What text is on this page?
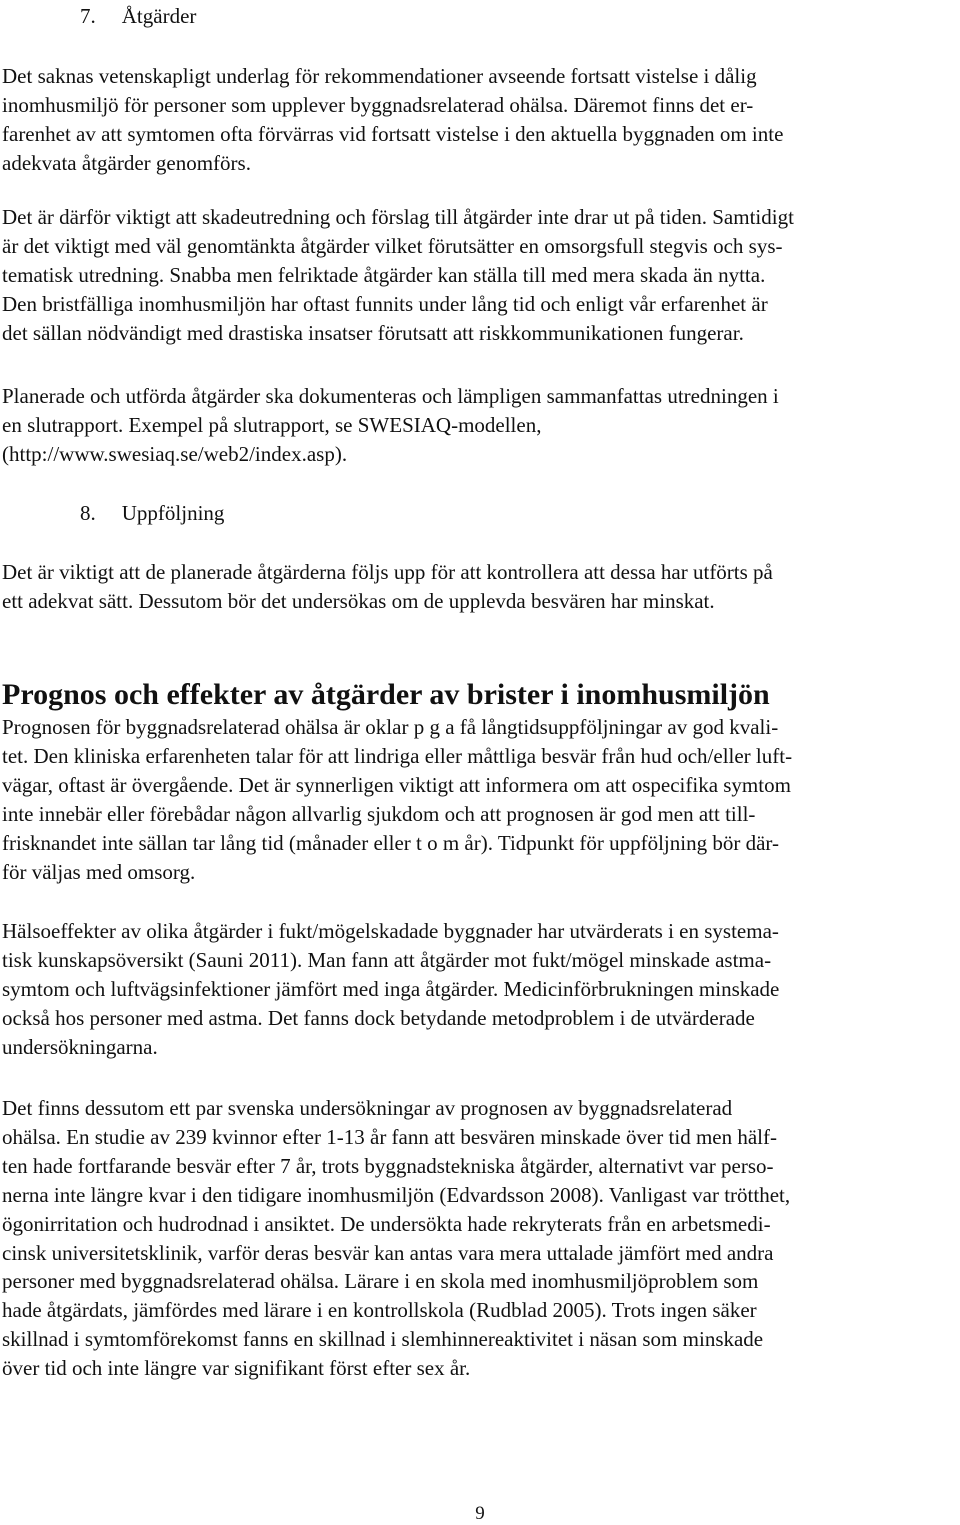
7. Åtgärder

Det saknas vetenskapligt underlag för rekommendationer avseende fortsatt vistelse i dålig
inomhusmiljö för personer som upplever byggnadsrelaterad ohälsa. Däremot finns det er-
farenhet av att symtomen ofta förvärras vid fortsatt vistelse i den aktuella byggnaden om inte
adekvata åtgärder genomförs.

Det är därför viktigt att skadeutredning och förslag till åtgärder inte drar ut på tiden. Samtidigt
är det viktigt med väl genomtänkta åtgärder vilket förutsätter en omsorgsfull stegvis och sys-
tematisk utredning. Snabba men felriktade åtgärder kan ställa till med mera skada än nytta.
Den bristfälliga inomhusmiljön har oftast funnits under lång tid och enligt vår erfarenhet är
det sällan nödvändigt med drastiska insatser förutsatt att riskkommunikationen fungerar.

Planerade och utförda åtgärder ska dokumenteras och lämpligen sammanfattas utredningen i
en slutrapport. Exempel på slutrapport, se SWESIAQ-modellen,
(http://www.swesiaq.se/web2/index.asp).

8. Uppföljning

Det är viktigt att de planerade åtgärderna följs upp för att kontrollera att dessa har utförts på
ett adekvat sätt. Dessutom bör det undersökas om de upplevda besvären har minskat.

Prognos och effekter av åtgärder av brister i inomhusmiljön

Prognosen för byggnadsrelaterad ohälsa är oklar p g a få långtidsuppföljningar av god kvali-
tet. Den kliniska erfarenheten talar för att lindriga eller måttliga besvär från hud och/eller luft-
vägar, oftast är övergående. Det är synnerligen viktigt att informera om att ospecifika symtom
inte innebär eller förebådar någon allvarlig sjukdom och att prognosen är god men att till-
frisknandet inte sällan tar lång tid (månader eller t o m år). Tidpunkt för uppföljning bör där-
för väljas med omsorg.

Hälsoeffekter av olika åtgärder i fukt/mögelskadade byggnader har utvärderats i en systema-
tisk kunskapsöversikt (Sauni 2011). Man fann att åtgärder mot fukt/mögel minskade astma-
symtom och luftvägsinfektioner jämfört med inga åtgärder. Medicinförbrukningen minskade
också hos personer med astma. Det fanns dock betydande metodproblem i de utvärderade
undersökningarna.

Det finns dessutom ett par svenska undersökningar av prognosen av byggnadsrelaterad
ohälsa. En studie av 239 kvinnor efter 1-13 år fann att besvären minskade över tid men hälf-
ten hade fortfarande besvär efter 7 år, trots byggnadstekniska åtgärder, alternativt var perso-
nerna inte längre kvar i den tidigare inomhusmiljön (Edvardsson 2008). Vanligast var trötthet,
ögonirritation och hudrodnad i ansiktet. De undersökta hade rekryterats från en arbetsmedi-
cinsk universitetsklinik, varför deras besvär kan antas vara mera uttalade jämfört med andra
personer med byggnadsrelaterad ohälsa. Lärare i en skola med inomhusmiljöproblem som
hade åtgärdats, jämfördes med lärare i en kontrollskola (Rudblad 2005). Trots ingen säker
skillnad i symtomförekomst fanns en skillnad i slemhinnereaktivitet i näsan som minskade
över tid och inte längre var signifikant först efter sex år.

9
